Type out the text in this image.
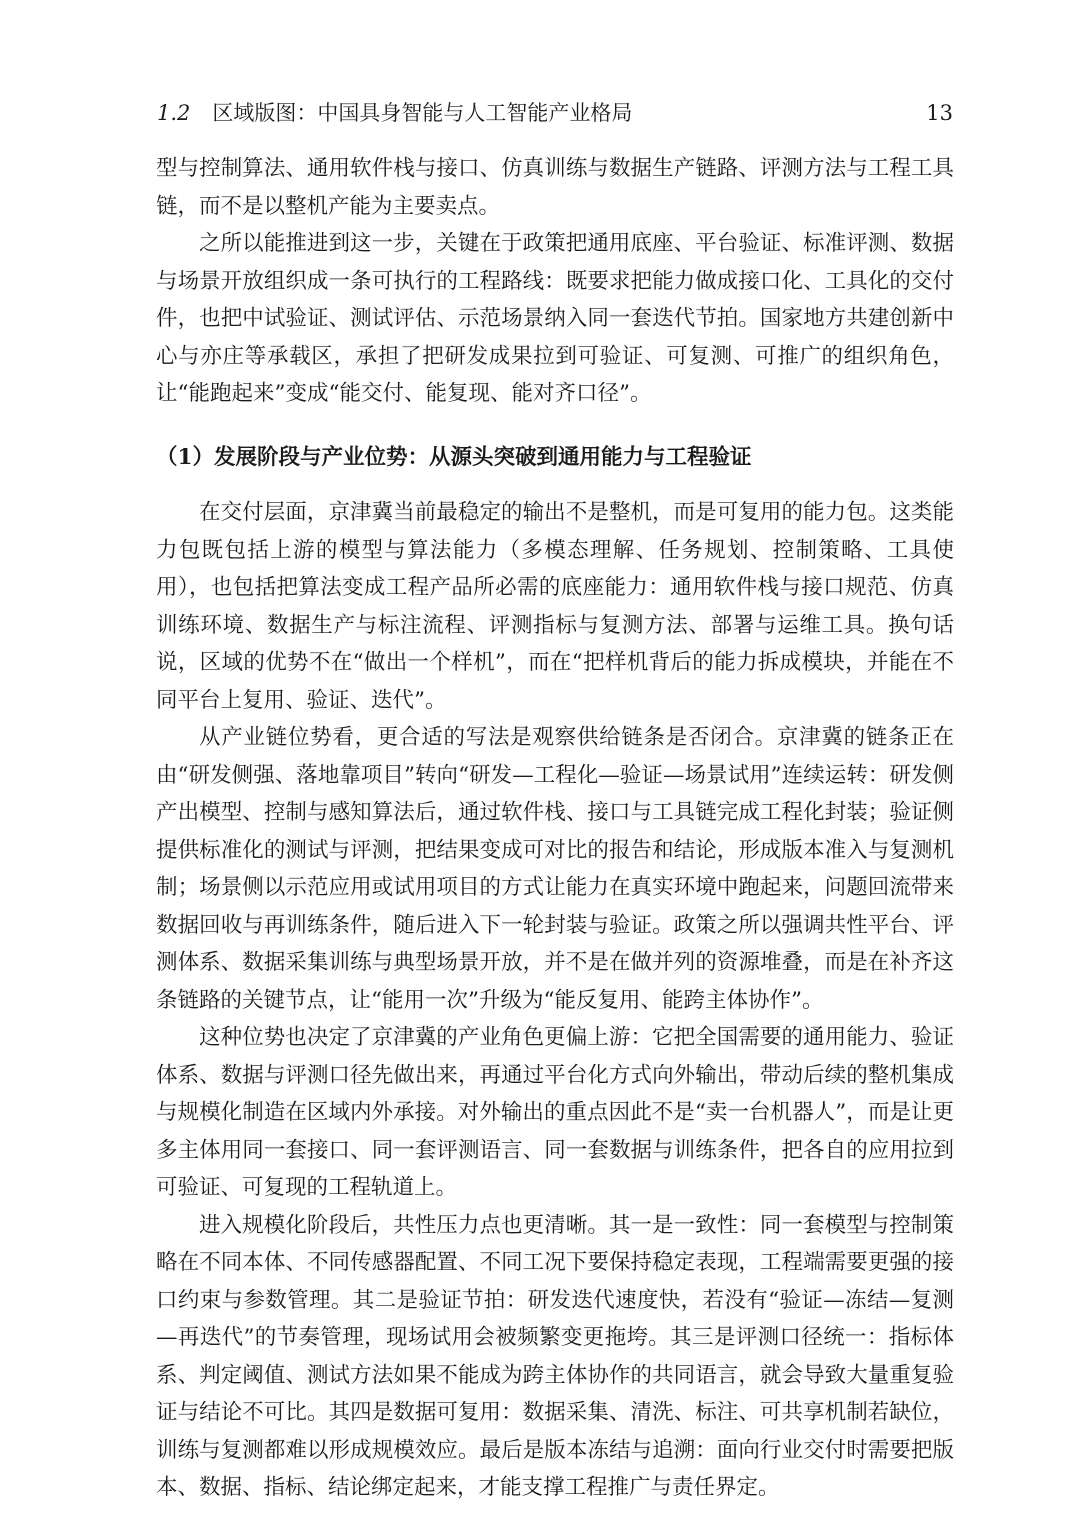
1.2 区域版图：中国具身智能与人工智能产业格局	13

型与控制算法、通用软件栈与接口、仿真训练与数据生产链路、评测方法与工程工具链，而不是以整机产能为主要卖点。

之所以能推进到这一步，关键在于政策把通用底座、平台验证、标准评测、数据与场景开放组织成一条可执行的工程路线：既要求把能力做成接口化、工具化的交付件，也把中试验证、测试评估、示范场景纳入同一套迭代节拍。国家地方共建创新中心与亦庄等承载区，承担了把研发成果拉到可验证、可复测、可推广的组织角色，让“能跑起来”变成“能交付、能复现、能对齐口径”。

（1）发展阶段与产业位势：从源头突破到通用能力与工程验证

在交付层面，京津冀当前最稳定的输出不是整机，而是可复用的能力包。这类能力包既包括上游的模型与算法能力（多模态理解、任务规划、控制策略、工具使用），也包括把算法变成工程产品所必需的底座能力：通用软件栈与接口规范、仿真训练环境、数据生产与标注流程、评测指标与复测方法、部署与运维工具。换句话说，区域的优势不在“做出一个样机”，而在“把样机背后的能力拆成模块，并能在不同平台上复用、验证、迭代”。

从产业链位势看，更合适的写法是观察供给链条是否闭合。京津冀的链条正在由“研发侧强、落地靠项目”转向“研发—工程化—验证—场景试用”连续运转：研发侧产出模型、控制与感知算法后，通过软件栈、接口与工具链完成工程化封装；验证侧提供标准化的测试与评测，把结果变成可对比的报告和结论，形成版本准入与复测机制；场景侧以示范应用或试用项目的方式让能力在真实环境中跑起来，问题回流带来数据回收与再训练条件，随后进入下一轮封装与验证。政策之所以强调共性平台、评测体系、数据采集训练与典型场景开放，并不是在做并列的资源堆叠，而是在补齐这条链路的关键节点，让“能用一次”升级为“能反复用、能跨主体协作”。

这种位势也决定了京津冀的产业角色更偏上游：它把全国需要的通用能力、验证体系、数据与评测口径先做出来，再通过平台化方式向外输出，带动后续的整机集成与规模化制造在区域内外承接。对外输出的重点因此不是“卖一台机器人”，而是让更多主体用同一套接口、同一套评测语言、同一套数据与训练条件，把各自的应用拉到可验证、可复现的工程轨道上。

进入规模化阶段后，共性压力点也更清晰。其一是一致性：同一套模型与控制策略在不同本体、不同传感器配置、不同工况下要保持稳定表现，工程端需要更强的接口约束与参数管理。其二是验证节拍：研发迭代速度快，若没有“验证—冻结—复测—再迭代”的节奏管理，现场试用会被频繁变更拖垮。其三是评测口径统一：指标体系、判定阈值、测试方法如果不能成为跨主体协作的共同语言，就会导致大量重复验证与结论不可比。其四是数据可复用：数据采集、清洗、标注、可共享机制若缺位，训练与复测都难以形成规模效应。最后是版本冻结与追溯：面向行业交付时需要把版本、数据、指标、结论绑定起来，才能支撑工程推广与责任界定。
